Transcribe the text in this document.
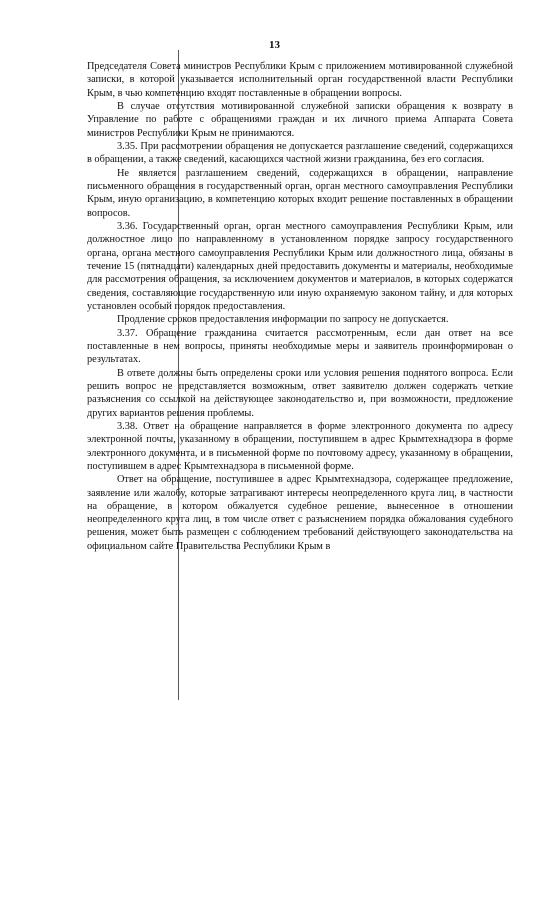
13

Председателя Совета министров Республики Крым с приложением мотивированной служебной записки, в которой указывается исполнительный орган государственной власти Республики Крым, в чью компетенцию входят поставленные в обращении вопросы.

В случае отсутствия мотивированной служебной записки обращения к возврату в Управление по работе с обращениями граждан и их личного приема Аппарата Совета министров Республики Крым не принимаются.

3.35. При рассмотрении обращения не допускается разглашение сведений, содержащихся в обращении, а также сведений, касающихся частной жизни гражданина, без его согласия.

Не является разглашением сведений, содержащихся в обращении, направление письменного обращения в государственный орган, орган местного самоуправления Республики Крым, иную организацию, в компетенцию которых входит решение поставленных в обращении вопросов.

3.36. Государственный орган, орган местного самоуправления Республики Крым, или должностное лицо по направленному в установленном порядке запросу государственного органа, органа местного самоуправления Республики Крым или должностного лица, обязаны в течение 15 (пятнадцати) календарных дней предоставить документы и материалы, необходимые для рассмотрения обращения, за исключением документов и материалов, в которых содержатся сведения, составляющие государственную или иную охраняемую законом тайну, и для которых установлен особый порядок предоставления.

Продление сроков предоставления информации по запросу не допускается.

3.37. Обращение гражданина считается рассмотренным, если дан ответ на все поставленные в нем вопросы, приняты необходимые меры и заявитель проинформирован о результатах.

В ответе должны быть определены сроки или условия решения поднятого вопроса. Если решить вопрос не представляется возможным, ответ заявителю должен содержать четкие разъяснения со ссылкой на действующее законодательство и, при возможности, предложение других вариантов решения проблемы.

3.38. Ответ на обращение направляется в форме электронного документа по адресу электронной почты, указанному в обращении, поступившем в адрес Крымтехнадзора в форме электронного документа, и в письменной форме по почтовому адресу, указанному в обращении, поступившем в адрес Крымтехнадзора в письменной форме.

Ответ на обращение, поступившее в адрес Крымтехнадзора, содержащее предложение, заявление или жалобу, которые затрагивают интересы неопределенного круга лиц, в частности на обращение, в котором обжалуется судебное решение, вынесенное в отношении неопределенного круга лиц, в том числе ответ с разъяснением порядка обжалования судебного решения, может быть размещен с соблюдением требований действующего законодательства на официальном сайте Правительства Республики Крым в
